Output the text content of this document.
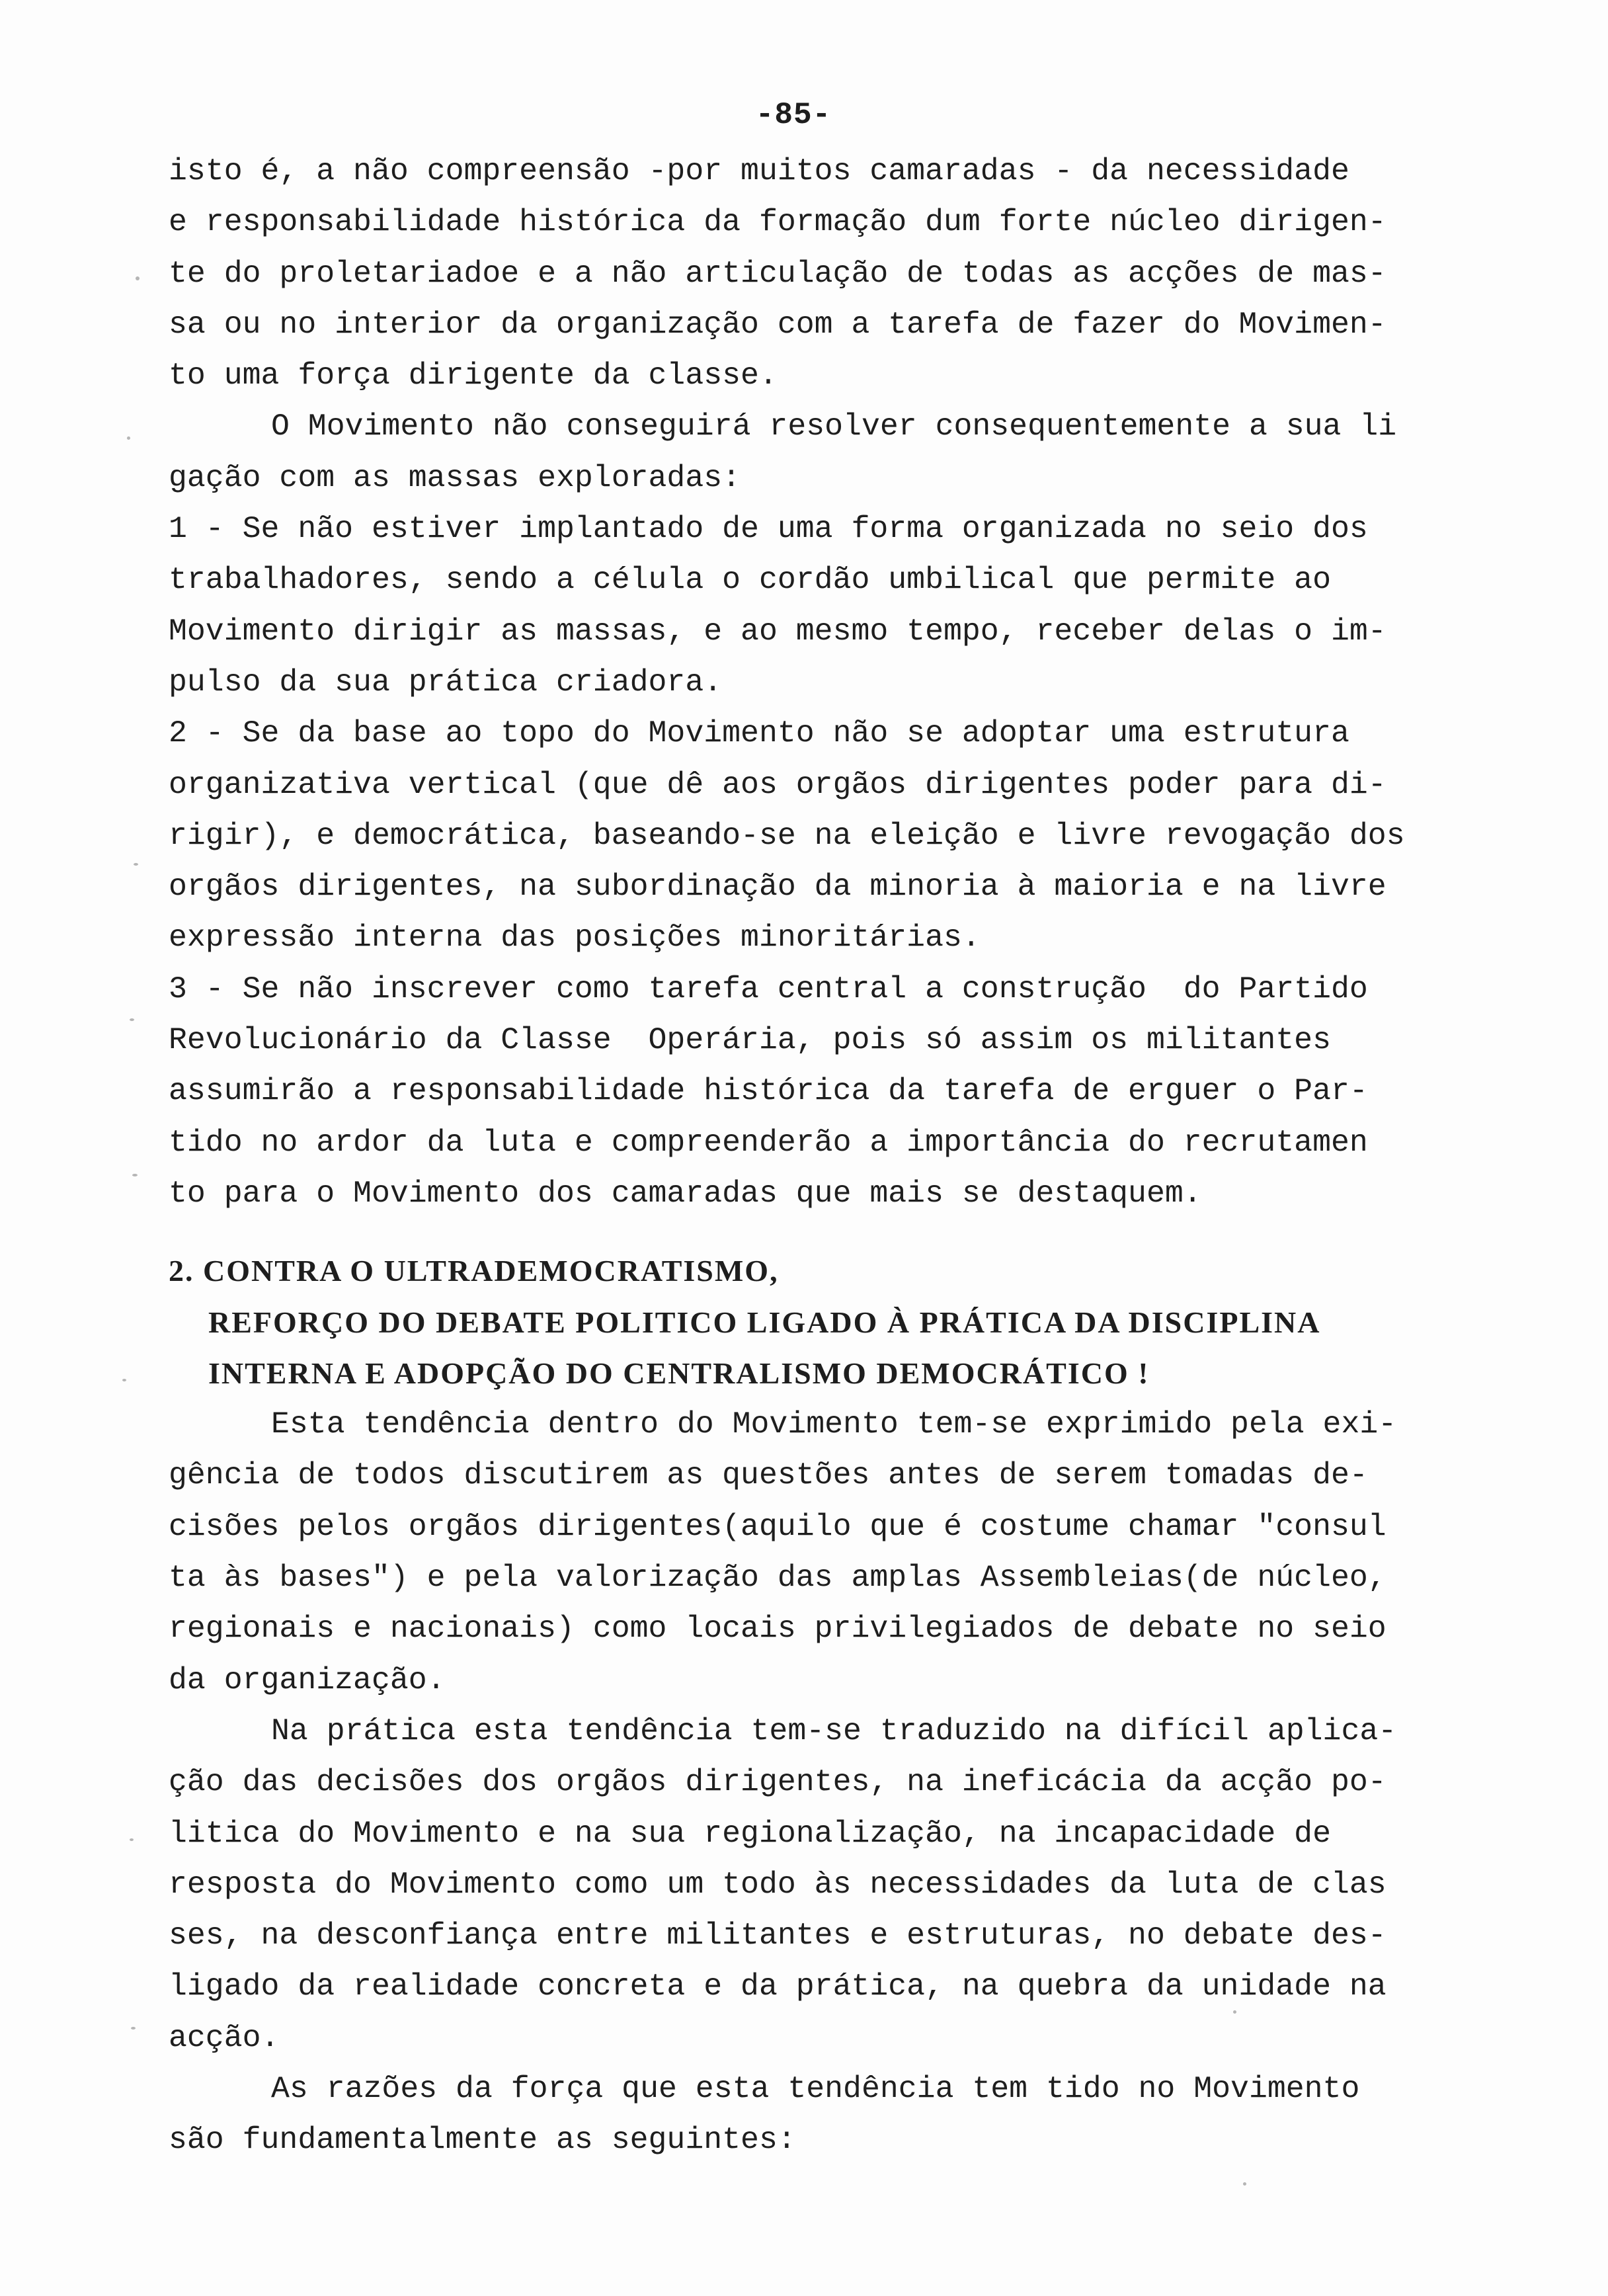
-85-
isto é, a não compreensão -por muitos camaradas - da necessidade
e responsabilidade histórica da formação dum forte núcleo dirigen-
te do proletariadoe e a não articulação de todas as acções de mas-
sa ou no interior da organização com a tarefa de fazer do Movimen-
to uma força dirigente da classe.
O Movimento não conseguirá resolver consequentemente a sua li
gação com as massas exploradas:
1 - Se não estiver implantado de uma forma organizada no seio dos
trabalhadores, sendo a célula o cordão umbilical que permite ao
Movimento dirigir as massas, e ao mesmo tempo, receber delas o im-
pulso da sua prática criadora.
2 - Se da base ao topo do Movimento não se adoptar uma estrutura
organizativa vertical (que dê aos orgãos dirigentes poder para di-
rigir), e democrática, baseando-se na eleição e livre revogação dos
orgãos dirigentes, na subordinação da minoria à maioria e na livre
expressão interna das posições minoritárias.
3 - Se não inscrever como tarefa central a construção  do Partido
Revolucionário da Classe  Operária, pois só assim os militantes
assumirão a responsabilidade histórica da tarefa de erguer o Par-
tido no ardor da luta e compreenderão a importância do recrutamen
to para o Movimento dos camaradas que mais se destaquem.
2. CONTRA O ULTRADEMOCRATISMO,
REFORÇO DO DEBATE POLITICO LIGADO À PRÁTICA DA DISCIPLINA
INTERNA E ADOPÇÃO DO CENTRALISMO DEMOCRÁTICO !
Esta tendência dentro do Movimento tem-se exprimido pela exi-
gência de todos discutirem as questões antes de serem tomadas de-
cisões pelos orgãos dirigentes(aquilo que é costume chamar "consul
ta às bases") e pela valorização das amplas Assembleias(de núcleo,
regionais e nacionais) como locais privilegiados de debate no seio
da organização.
Na prática esta tendência tem-se traduzido na difícil aplica-
ção das decisões dos orgãos dirigentes, na ineficácia da acção po-
litica do Movimento e na sua regionalização, na incapacidade de
resposta do Movimento como um todo às necessidades da luta de clas
ses, na desconfiança entre militantes e estruturas, no debate des-
ligado da realidade concreta e da prática, na quebra da unidade na
acção.
As razões da força que esta tendência tem tido no Movimento
são fundamentalmente as seguintes:
